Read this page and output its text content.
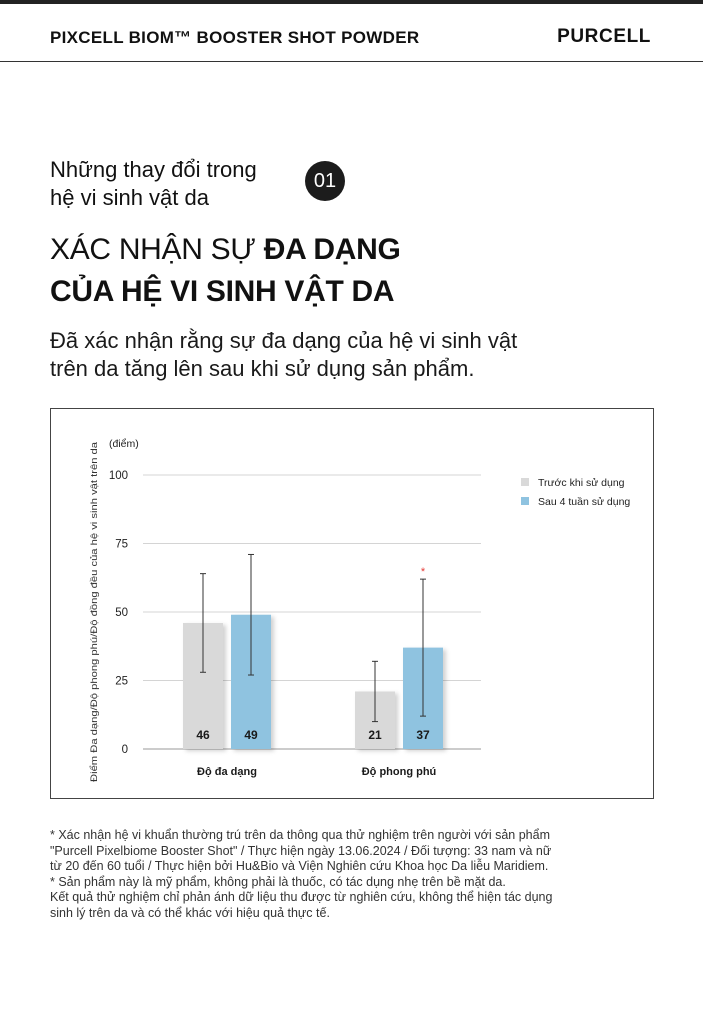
PIXCELL BIOM™ BOOSTER SHOT POWDER	PURCELL
Những thay đổi trong
hệ vi sinh vật da
01
XÁC NHẬN SỰ ĐA DẠNG
CỦA HỆ VI SINH VẬT DA
Đã xác nhận rằng sự đa dạng của hệ vi sinh vật
trên da tăng lên sau khi sử dụng sản phẩm.
0
25
50
75
100
(điểm)
Điểm Đa dạng/Độ phong phú/Độ đồng đều của hệ vi sinh vật trên da	46	49
Độ đa dạng
21	37
*
Độ phong phú
Trước khi sử dụng
Sau 4 tuần sử dụng

* Xác nhận hệ vi khuẩn thường trú trên da thông qua thử nghiệm trên người với sản phẩm

"Purcell Pixelbiome Booster Shot" / Thực hiện ngày 13.06.2024 / Đối tượng: 33 nam và nữ

từ 20 đến 60 tuổi / Thực hiện bởi Hu&Bio và Viện Nghiên cứu Khoa học Da liễu Maridiem.

* Sản phẩm này là mỹ phẩm, không phải là thuốc, có tác dụng nhẹ trên bề mặt da.

Kết quả thử nghiệm chỉ phản ánh dữ liệu thu được từ nghiên cứu, không thể hiện tác dụng

sinh lý trên da và có thể khác với hiệu quả thực tế.
